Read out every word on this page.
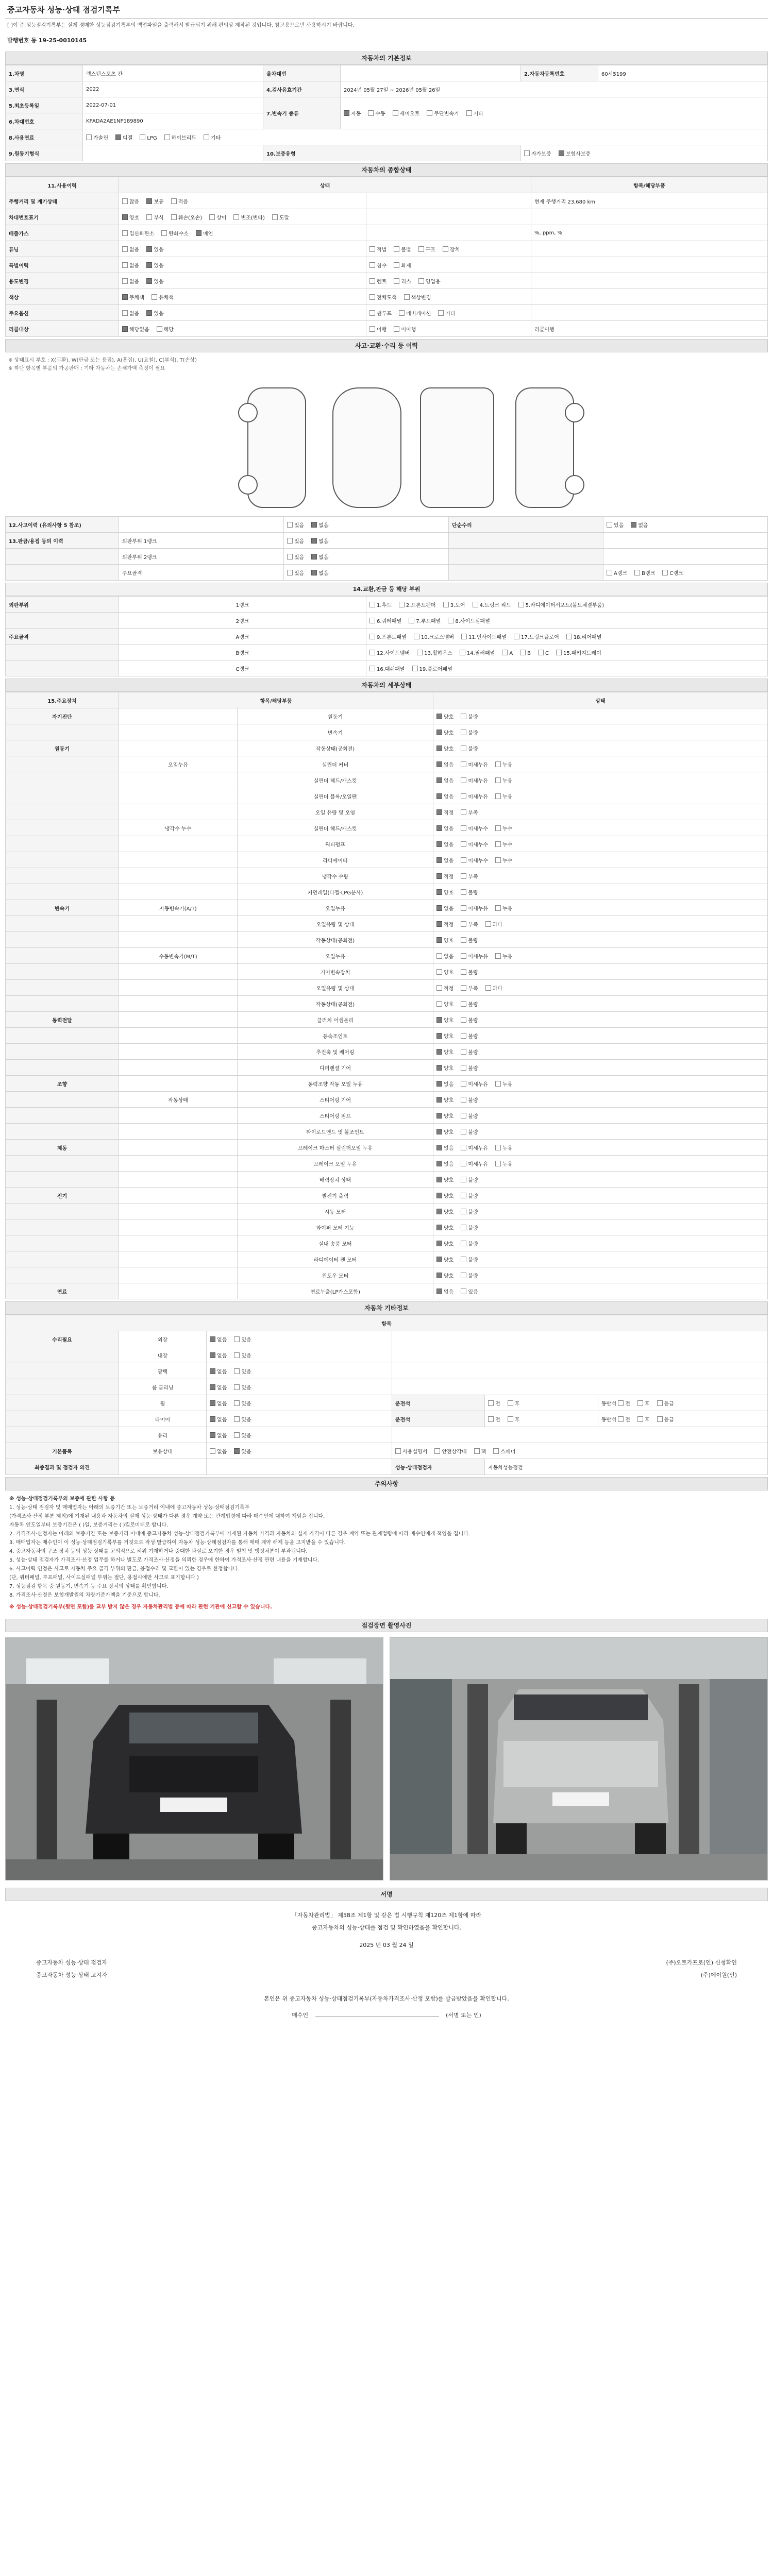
중고자동차 성능·상태 점검기록부
[ ]이 준 성능점검기록부는 실제 경매한 성능점검기록부의 백업파일을 출력해서 발급되기 위해 편의상 제작된 것입니다. 참고용으로만 사용하시기 바랍니다.
발행번호 등 19-25-0010145
자동차의 기본정보
1.차명	렉스턴스포츠 칸	올차대번		2.자동차등록번호	60서5199
3.연식	2022	4.검사유효기간	2024년 05월 27일 ~ 2026년 05월 26일		
5.최초등록일	2022-07-01	7.변속기 종류	자동 수동 세미오토 무단변속기 기타		
6.차대번호	KPADA2AE1NP189890				
8.사용연료	가솔린 디젤 LPG 하이브리드 기타				
9.원동기형식		10.보증유형		자가보증 보험사보증	
자동차의 종합상태
11.사용이력	상태		항목/해당부품
주행거리 및 계기상태	많음 보통 적음		현재 주행거리 23,680 km
차대번호표기	양호 부식 훼손(오손) 상이 변조(변타) 도말		
배출가스	일산화탄소 탄화수소 매연		%, ppm, %
튜닝	없음 있음	적법 불법 구조 장치	
특별이력	없음 있음	침수 화재	
용도변경	없음 있음	렌트 리스 영업용	
색상	무채색 유채색	전체도색 색상변경	
주요옵션	없음 있음	썬루프 네비게이션 기타	
리콜대상	해당없음 해당	이행 미이행	리콜이행
사고·교환·수리 등 이력
※ 상태표시 부호 : X(교환), W(판금 또는 용접), A(흠집), U(요철), C(부식), T(손상)
※ 하단 항목별 부품의 가공판매 : 기타 자동차는 손해가액 측정이 필요
12.사고이력 (유의사항 5 참조)		있음 없음	단순수리	있음 없음
13.판금/용접 등의 이력	외판부위 1랭크	있음 없음		
	외판부위 2랭크	있음 없음		
	주요골격	있음 없음		A랭크 B랭크 C랭크
14.교환,판금 등 해당 부위
외판부위	1랭크	1.후드 2.프론트펜더 3.도어 4.트렁크 리드 5.라디에이터서포트(볼트체결부품)
	2랭크	6.쿼터패널 7.루프패널 8.사이드실패널
주요골격	A랭크	9.프론트패널 10.크로스멤버 11.인사이드패널 17.트렁크플로어 18.리어패널
	B랭크	12.사이드멤버 13.휠하우스 14.필러패널 A B C 15.패키지트레이
	C랭크	16.대쉬패널 19.플로어패널
자동차의 세부상태
15.주요장치	항목/해당부품		상태
자기진단		원동기	양호 불량
		변속기	양호 불량
원동기		작동상태(공회전)	양호 불량
	오일누유	실린더 커버	없음 미세누유 누유
		실린더 헤드/개스킷	없음 미세누유 누유
		실린더 블록/오일팬	없음 미세누유 누유
		오일 유량 및 오염	적정 부족
	냉각수 누수	실린더 헤드/개스킷	없음 미세누수 누수
		워터펌프	없음 미세누수 누수
		라디에이터	없음 미세누수 누수
		냉각수 수량	적정 부족
		커먼레일(다젤·LPG분사)	양호 불량
변속기	자동변속기(A/T)	오일누유	없음 미세누유 누유
		오일유량 및 상태	적정 부족 과다
		작동상태(공회전)	양호 불량
	수동변속기(M/T)	오일누유	없음 미세누유 누유
		기어변속장치	양호 불량
		오일유량 및 상태	적정 부족 과다
		작동상태(공회전)	양호 불량
동력전달		클러치 어셈블리	양호 불량
		등속조인트	양호 불량
		추진축 및 베어링	양호 불량
		디퍼렌셜 기어	양호 불량
조향		동력조향 작동 오일 누유	없음 미세누유 누유
	작동상태	스티어링 기어	양호 불량
		스티어링 펌프	양호 불량
		타이로드엔드 및 볼조인트	양호 불량
제동		브레이크 마스터 실린더오일 누유	없음 미세누유 누유
		브레이크 오일 누유	없음 미세누유 누유
		배력장치 상태	양호 불량
전기		발전기 출력	양호 불량
		시동 모터	양호 불량
		와이퍼 모터 기능	양호 불량
		실내 송풍 모터	양호 불량
		라디에이터 팬 모터	양호 불량
		윈도우 모터	양호 불량
연료		연료누출(LP가스포함)	없음 있음
자동차 기타정보
항목					
수리필요	외장	없음 있음			
	내장	없음 있음			
	광택	없음 있음			
	룸 클리닝	없음 있음			
	휠	없음 있음	운전석	전 후	동반석 전 후 응급
	타이어	없음 있음	운전석	전 후	동반석 전 후 응급
	유리	없음 있음			
기본품목	보유상태	없음 있음	사용설명서 안전삼각대 잭 스패너		
최종결과 및 점검자 의견			성능·상태점검자	자동차성능점검	
주의사항

※ 성능·상태점검기록부의 보증에 관한 사항 등

1. 성능·상태 점검자 및 매매업자는 아래의 보증기간 또는 보증거리 이내에 중고자동차 성능·상태점검기록부

(가격조사·산정 부분 제외)에 기재된 내용과 자동차의 실제 성능·상태가 다른 경우 계약 또는 관계법령에 따라 매수인에 대하여 책임을 집니다.

자동차 인도일부터 보증기간은 ( )일, 보증거리는 ( )킬로미터로 합니다.

2. 가격조사·산정자는 아래의 보증기간 또는 보증거리 이내에 중고자동차 성능·상태점검기록부에 기재된 자동차 가격과 자동차의 실제 가격이 다른 경우 계약 또는 관계법령에 따라 매수인에게 책임을 집니다.

3. 매매업자는 매수인이 이 성능·상태점검기록부를 거짓으로 작성·발급하여 자동차 성능·상태점검자를 통해 매매 계약 해제 등을 고지받을 수 있습니다.

4. 중고자동차의 구조·장치 등의 성능·상태를 고의적으로 허위 기재하거나 중대한 과실로 오기한 경우 벌칙 및 행정처분이 부과됩니다.

5. 성능·상태 점검자가 가격조사·산정 업무를 하거나 별도로 가격조사·산정을 의뢰한 경우에 한하여 가격조사·산정 관련 내용을 기재합니다.

6. 사고이력 인정은 사고로 자동차 주요 골격 부위의 판금, 용접수리 및 교환이 있는 경우로 한정합니다.

(단, 쿼터패널, 루프패널, 사이드실패널 부위는 절단, 용접시에만 사고로 표기합니다.)

7. 성능점검 항목 중 원동기, 변속기 등 주요 장치의 상태를 확인합니다.

8. 가격조사·산정은 보험개발원의 차량기준가액을 기준으로 합니다.

※ 성능·상태점검기록부(뒷면 포함)를 교부 받지 않은 경우 자동차관리법 등에 따라 관련 기관에 신고할 수 있습니다.

점검장면 촬영사진
서명
「자동차관리법」 제58조 제1항 및 같은 법 시행규칙 제120조 제1항에 따라
중고자동차의 성능·상태를 점검 및 확인하였음을 확인합니다.
2025 년 03 월 24 일
중고자동차 성능·상태 점검자	(주)오토카프로(인) 신청확인
중고자동차 성능·상태 고지자	(주)에이원(인)
본인은 위 중고자동차 성능·상태점검기록부(자동차가격조사·산정 포함)를 발급받았음을 확인합니다.
매수인	(서명 또는 인)
